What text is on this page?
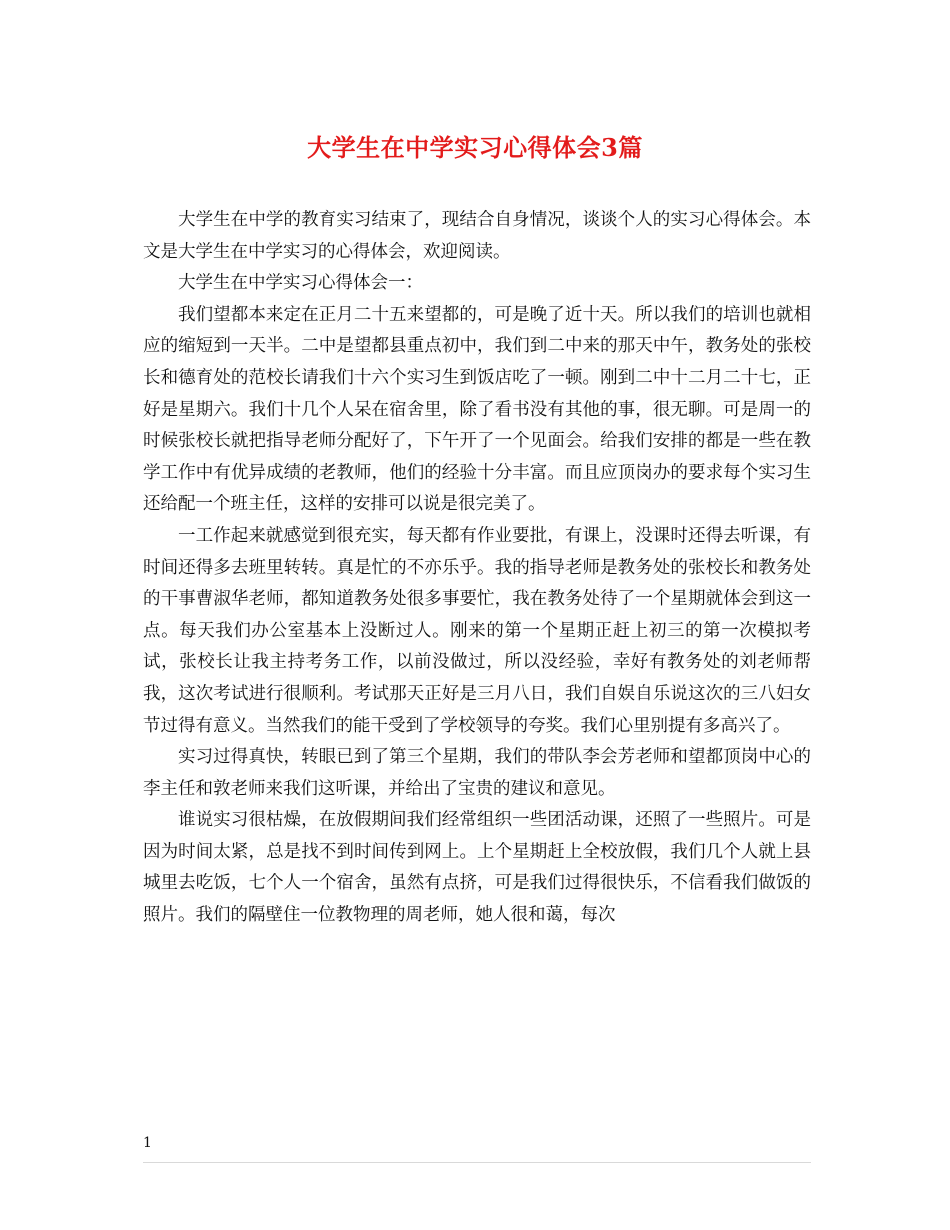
大学生在中学实习心得体会3篇

大学生在中学的教育实习结束了，现结合自身情况，谈谈个人的实习心得体会。本文是大学生在中学实习的心得体会，欢迎阅读。

大学生在中学实习心得体会一：

我们望都本来定在正月二十五来望都的，可是晚了近十天。所以我们的培训也就相应的缩短到一天半。二中是望都县重点初中，我们到二中来的那天中午，教务处的张校长和德育处的范校长请我们十六个实习生到饭店吃了一顿。刚到二中十二月二十七，正好是星期六。我们十几个人呆在宿舍里，除了看书没有其他的事，很无聊。可是周一的时候张校长就把指导老师分配好了，下午开了一个见面会。给我们安排的都是一些在教学工作中有优异成绩的老教师，他们的经验十分丰富。而且应顶岗办的要求每个实习生还给配一个班主任，这样的安排可以说是很完美了。

一工作起来就感觉到很充实，每天都有作业要批，有课上，没课时还得去听课，有时间还得多去班里转转。真是忙的不亦乐乎。我的指导老师是教务处的张校长和教务处的干事曹淑华老师，都知道教务处很多事要忙，我在教务处待了一个星期就体会到这一点。每天我们办公室基本上没断过人。刚来的第一个星期正赶上初三的第一次模拟考试，张校长让我主持考务工作，以前没做过，所以没经验，幸好有教务处的刘老师帮我，这次考试进行很顺利。考试那天正好是三月八日，我们自娱自乐说这次的三八妇女节过得有意义。当然我们的能干受到了学校领导的夸奖。我们心里别提有多高兴了。

实习过得真快，转眼已到了第三个星期，我们的带队李会芳老师和望都顶岗中心的李主任和敦老师来我们这听课，并给出了宝贵的建议和意见。

谁说实习很枯燥，在放假期间我们经常组织一些团活动课，还照了一些照片。可是因为时间太紧，总是找不到时间传到网上。上个星期赶上全校放假，我们几个人就上县城里去吃饭，七个人一个宿舍，虽然有点挤，可是我们过得很快乐，不信看我们做饭的照片。我们的隔壁住一位教物理的周老师，她人很和蔼，每次

1
